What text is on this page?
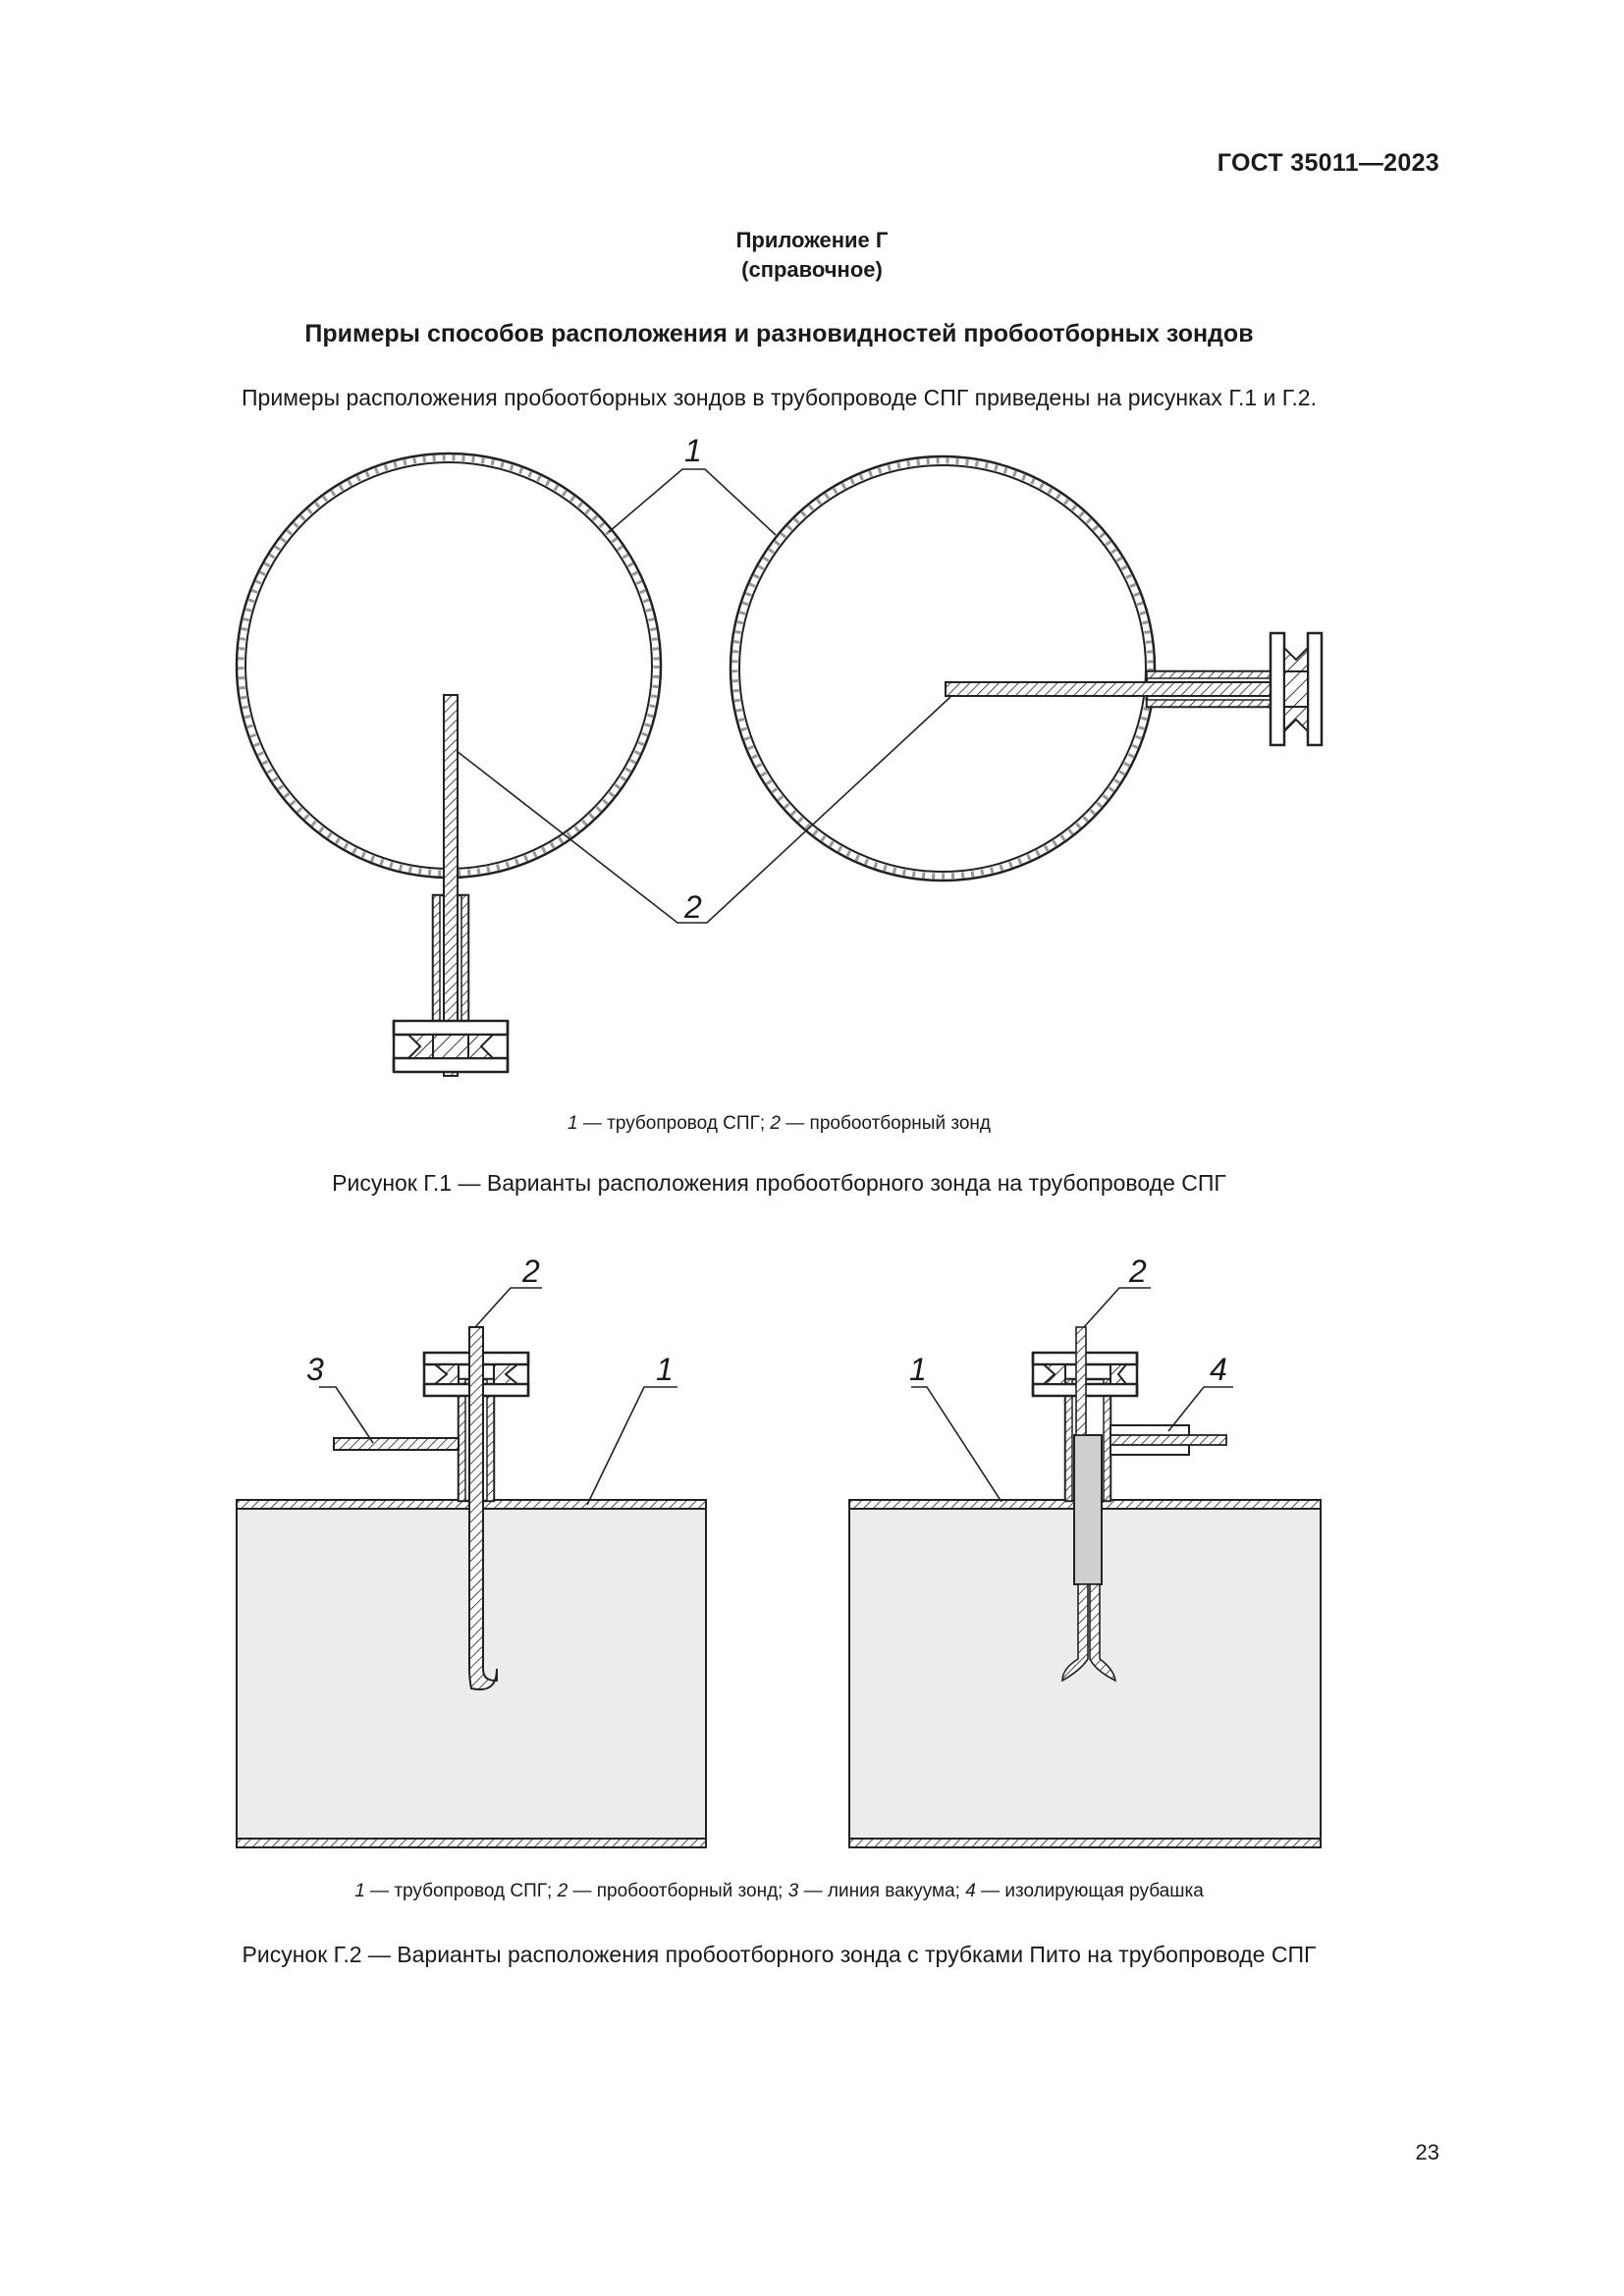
ГОСТ 35011—2023
Приложение Г
(справочное)
Примеры способов расположения и разновидностей пробоотборных зондов
Примеры расположения пробоотборных зондов в трубопроводе СПГ приведены на рисунках Г.1 и Г.2.
1
2
1 — трубопровод СПГ; 2 — пробоотборный зонд
Рисунок Г.1 — Варианты расположения пробоотборного зонда на трубопроводе СПГ
2
3	1
2
1	4
1 — трубопровод СПГ; 2 — пробоотборный зонд; 3 — линия вакуума; 4 — изолирующая рубашка
Рисунок Г.2 — Варианты расположения пробоотборного зонда с трубками Пито на трубопроводе СПГ
23
